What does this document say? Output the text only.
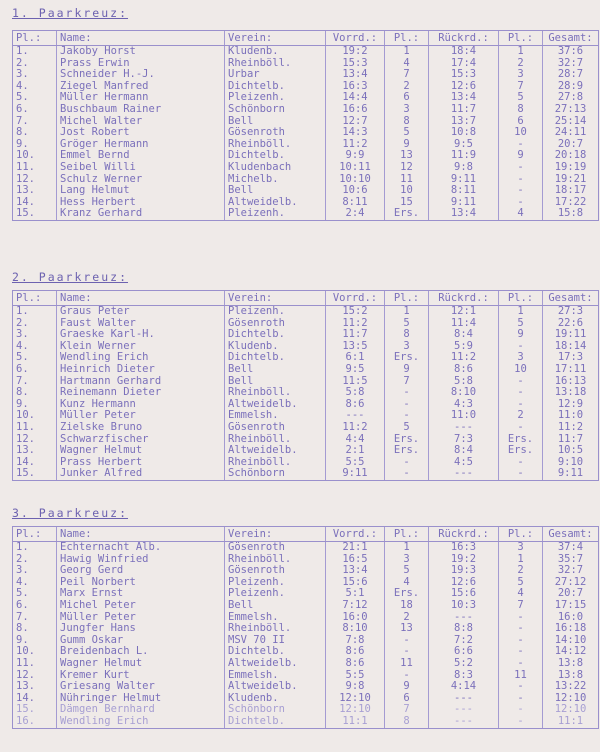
1. Paarkreuz:
Pl.:	Name:	Verein:	Vorrd.:	Pl.:	Rückrd.:	Pl.:	Gesamt:
1.	Jakoby Horst	Kludenb.	19:2	1	18:4	1	37:6
2.	Prass Erwin	Rheinböll.	15:3	4	17:4	2	32:7
3.	Schneider H.-J.	Urbar	13:4	7	15:3	3	28:7
4.	Ziegel Manfred	Dichtelb.	16:3	2	12:6	7	28:9
5.	Müller Hermann	Pleizenh.	14:4	6	13:4	5	27:8
6.	Buschbaum Rainer	Schönborn	16:6	3	11:7	8	27:13
7.	Michel Walter	Bell	12:7	8	13:7	6	25:14
8.	Jost Robert	Gösenroth	14:3	5	10:8	10	24:11
9.	Gröger Hermann	Rheinböll.	11:2	9	9:5	-	20:7
10.	Emmel Bernd	Dichtelb.	9:9	13	11:9	9	20:18
11.	Seibel Willi	Kludenbach	10:11	12	9:8	-	19:19
12.	Schulz Werner	Michelb.	10:10	11	9:11	-	19:21
13.	Lang Helmut	Bell	10:6	10	8:11	-	18:17
14.	Hess Herbert	Altweidelb.	8:11	15	9:11	-	17:22
15.	Kranz Gerhard	Pleizenh.	2:4	Ers.	13:4	4	15:8
2. Paarkreuz:
Pl.:	Name:	Verein:	Vorrd.:	Pl.:	Rückrd.:	Pl.:	Gesamt:
1.	Graus Peter	Pleizenh.	15:2	1	12:1	1	27:3
2.	Faust Walter	Gösenroth	11:2	5	11:4	5	22:6
3.	Graeske Karl-H.	Dichtelb.	11:7	8	8:4	9	19:11
4.	Klein Werner	Kludenb.	13:5	3	5:9	-	18:14
5.	Wendling Erich	Dichtelb.	6:1	Ers.	11:2	3	17:3
6.	Heinrich Dieter	Bell	9:5	9	8:6	10	17:11
7.	Hartmann Gerhard	Bell	11:5	7	5:8	-	16:13
8.	Reinemann Dieter	Rheinböll.	5:8	-	8:10	-	13:18
9.	Kunz Hermann	Altweidelb.	8:6	-	4:3	-	12:9
10.	Müller Peter	Emmelsh.	---	-	11:0	2	11:0
11.	Zielske Bruno	Gösenroth	11:2	5	---	-	11:2
12.	Schwarzfischer	Rheinböll.	4:4	Ers.	7:3	Ers.	11:7
13.	Wagner Helmut	Altweidelb.	2:1	Ers.	8:4	Ers.	10:5
14.	Prass Herbert	Rheinböll.	5:5	-	4:5	-	9:10
15.	Junker Alfred	Schönborn	9:11	-	---	-	9:11
3. Paarkreuz:
Pl.:	Name:	Verein:	Vorrd.:	Pl.:	Rückrd.:	Pl.:	Gesamt:
1.	Echternacht Alb.	Gösenroth	21:1	1	16:3	3	37:4
2.	Hawig Winfried	Rheinböll.	16:5	3	19:2	1	35:7
3.	Georg Gerd	Gösenroth	13:4	5	19:3	2	32:7
4.	Peil Norbert	Pleizenh.	15:6	4	12:6	5	27:12
5.	Marx Ernst	Pleizenh.	5:1	Ers.	15:6	4	20:7
6.	Michel Peter	Bell	7:12	18	10:3	7	17:15
7.	Müller Peter	Emmelsh.	16:0	2	---	-	16:0
8.	Jungfer Hans	Rheinböll.	8:10	13	8:8	-	16:18
9.	Gumm Oskar	MSV 70 II	7:8	-	7:2	-	14:10
10.	Breidenbach L.	Dichtelb.	8:6	-	6:6	-	14:12
11.	Wagner Helmut	Altweidelb.	8:6	11	5:2	-	13:8
12.	Kremer Kurt	Emmelsh.	5:5	-	8:3	11	13:8
13.	Griesang Walter	Altweidelb.	9:8	9	4:14	-	13:22
14.	Nühringer Helmut	Kludenb.	12:10	6	---	-	12:10
15.	Dämgen Bernhard	Schönborn	12:10	7	---	-	12:10
16.	Wendling Erich	Dichtelb.	11:1	8	---	-	11:1
